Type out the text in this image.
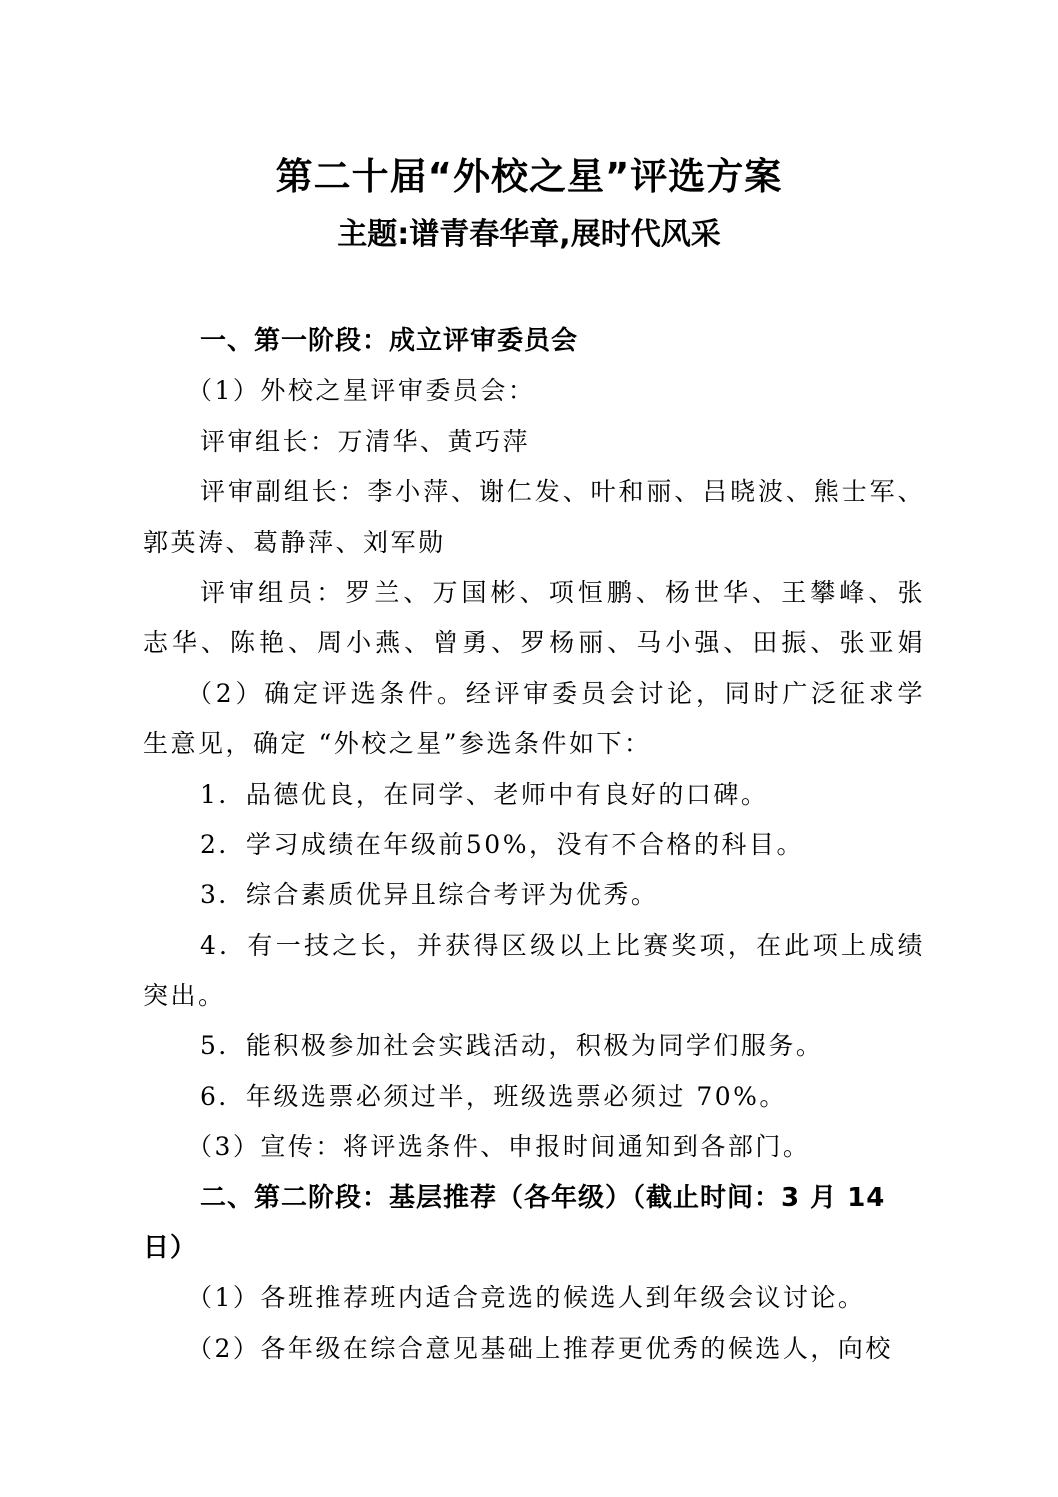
第二十届“外校之星”评选方案
主题:谱青春华章,展时代风采
一、第一阶段：成立评审委员会
（1）外校之星评审委员会：
评审组长：万清华、黄巧萍
评审副组长：李小萍、谢仁发、叶和丽、吕晓波、熊士军、
郭英涛、葛静萍、刘军勋
评审组员：罗兰、万国彬、项恒鹏、杨世华、王攀峰、张
志华、陈艳、周小燕、曾勇、罗杨丽、马小强、田振、张亚娟
（2）确定评选条件。经评审委员会讨论，同时广泛征求学
生意见，确定 “外校之星”参选条件如下：
1．品德优良，在同学、老师中有良好的口碑。
2．学习成绩在年级前50%，没有不合格的科目。
3．综合素质优异且综合考评为优秀。
4．有一技之长，并获得区级以上比赛奖项，在此项上成绩
突出。
5．能积极参加社会实践活动，积极为同学们服务。
6．年级选票必须过半，班级选票必须过 70%。
（3）宣传：将评选条件、申报时间通知到各部门。
二、第二阶段：基层推荐（各年级）（截止时间：3 月 14
日）
（1）各班推荐班内适合竞选的候选人到年级会议讨论。
（2）各年级在综合意见基础上推荐更优秀的候选人，向校
